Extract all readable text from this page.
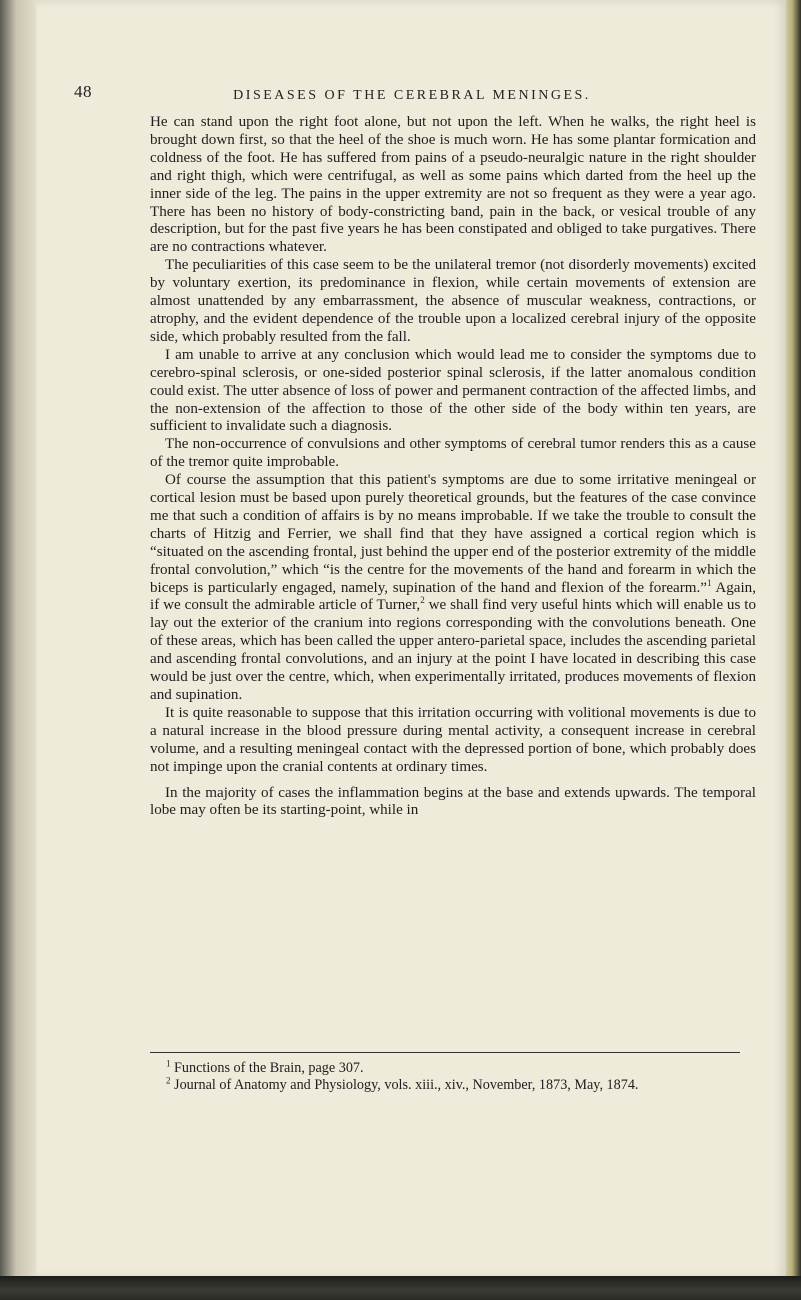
48	DISEASES OF THE CEREBRAL MENINGES.

He can stand upon the right foot alone, but not upon the left. When he walks, the right heel is brought down first, so that the heel of the shoe is much worn. He has some plantar formication and coldness of the foot. He has suffered from pains of a pseudo-neuralgic nature in the right shoulder and right thigh, which were centrifugal, as well as some pains which darted from the heel up the inner side of the leg. The pains in the upper extremity are not so frequent as they were a year ago. There has been no history of body-constricting band, pain in the back, or vesical trouble of any description, but for the past five years he has been constipated and obliged to take purgatives. There are no contractions whatever.

The peculiarities of this case seem to be the unilateral tremor (not disorderly movements) excited by voluntary exertion, its predominance in flexion, while certain movements of extension are almost unattended by any embarrassment, the absence of muscular weakness, contractions, or atrophy, and the evident dependence of the trouble upon a localized cerebral injury of the opposite side, which probably resulted from the fall.

I am unable to arrive at any conclusion which would lead me to consider the symptoms due to cerebro-spinal sclerosis, or one-sided posterior spinal sclerosis, if the latter anomalous condition could exist. The utter absence of loss of power and permanent contraction of the affected limbs, and the non-extension of the affection to those of the other side of the body within ten years, are sufficient to invalidate such a diagnosis.

The non-occurrence of convulsions and other symptoms of cerebral tumor renders this as a cause of the tremor quite improbable.

Of course the assumption that this patient's symptoms are due to some irritative meningeal or cortical lesion must be based upon purely theoretical grounds, but the features of the case convince me that such a condition of affairs is by no means improbable. If we take the trouble to consult the charts of Hitzig and Ferrier, we shall find that they have assigned a cortical region which is “situated on the ascending frontal, just behind the upper end of the posterior extremity of the middle frontal convolution,” which “is the centre for the movements of the hand and forearm in which the biceps is particularly engaged, namely, supination of the hand and flexion of the forearm.”$^1$ Again, if we consult the admirable article of Turner,$^2$ we shall find very useful hints which will enable us to lay out the exterior of the cranium into regions corresponding with the convolutions beneath. One of these areas, which has been called the upper antero-parietal space, includes the ascending parietal and ascending frontal convolutions, and an injury at the point I have located in describing this case would be just over the centre, which, when experimentally irritated, produces movements of flexion and supination.

It is quite reasonable to suppose that this irritation occurring with volitional movements is due to a natural increase in the blood pressure during mental activity, a consequent increase in cerebral volume, and a resulting meningeal contact with the depressed portion of bone, which probably does not impinge upon the cranial contents at ordinary times.

In the majority of cases the inflammation begins at the base and extends upwards. The temporal lobe may often be its starting-point, while in

$^1$ Functions of the Brain, page 307.

$^2$ Journal of Anatomy and Physiology, vols. xiii., xiv., November, 1873, May, 1874.
